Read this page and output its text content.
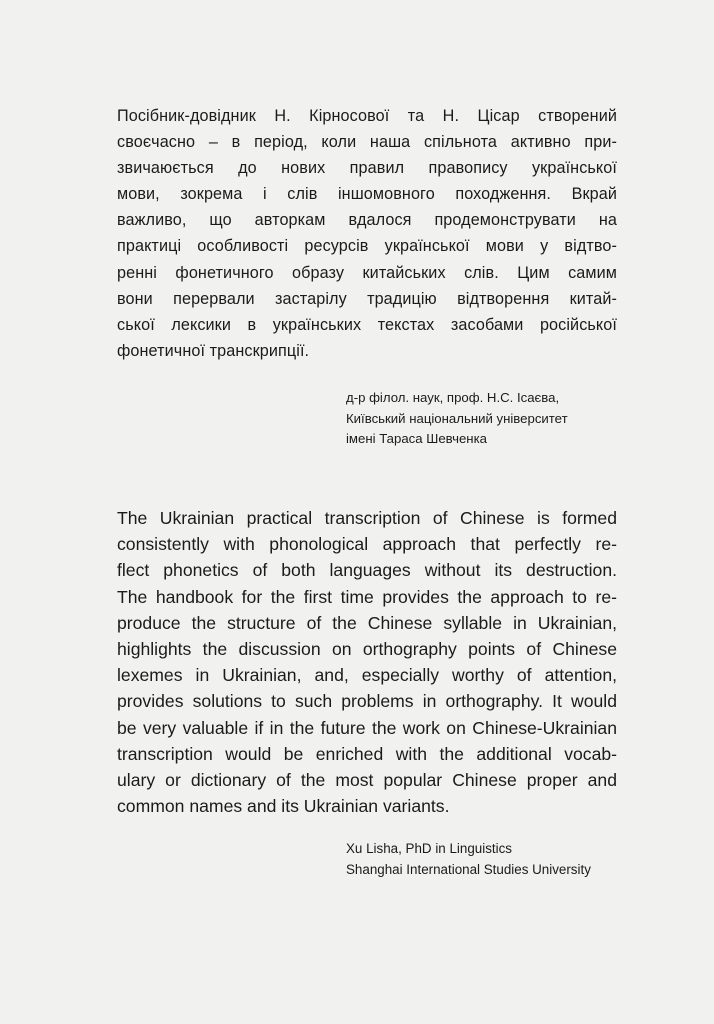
Посібник-довідник Н. Кірносової та Н. Цісар створений
своєчасно – в період, коли наша спільнота активно при-
звичаюється до нових правил правопису української
мови, зокрема і слів іншомовного походження. Вкрай
важливо, що авторкам вдалося продемонструвати на
практиці особливості ресурсів української мови у відтво-
ренні фонетичного образу китайських слів. Цим самим
вони перервали застарілу традицію відтворення китай-
ської лексики в українських текстах засобами російської
фонетичної транскрипції.
д-р філол. наук, проф. Н.С. Ісаєва,
Київський національний університет
імені Тараса Шевченка
The Ukrainian practical transcription of Chinese is formed
consistently with phonological approach that perfectly re-
flect phonetics of both languages without its destruction.
The handbook for the first time provides the approach to re-
produce the structure of the Chinese syllable in Ukrainian,
highlights the discussion on orthography points of Chinese
lexemes in Ukrainian, and, especially worthy of attention,
provides solutions to such problems in orthography. It would
be very valuable if in the future the work on Chinese-Ukrainian
transcription would be enriched with the additional vocab-
ulary or dictionary of the most popular Chinese proper and
common names and its Ukrainian variants.
Xu Lisha, PhD in Linguistics
Shanghai International Studies University
